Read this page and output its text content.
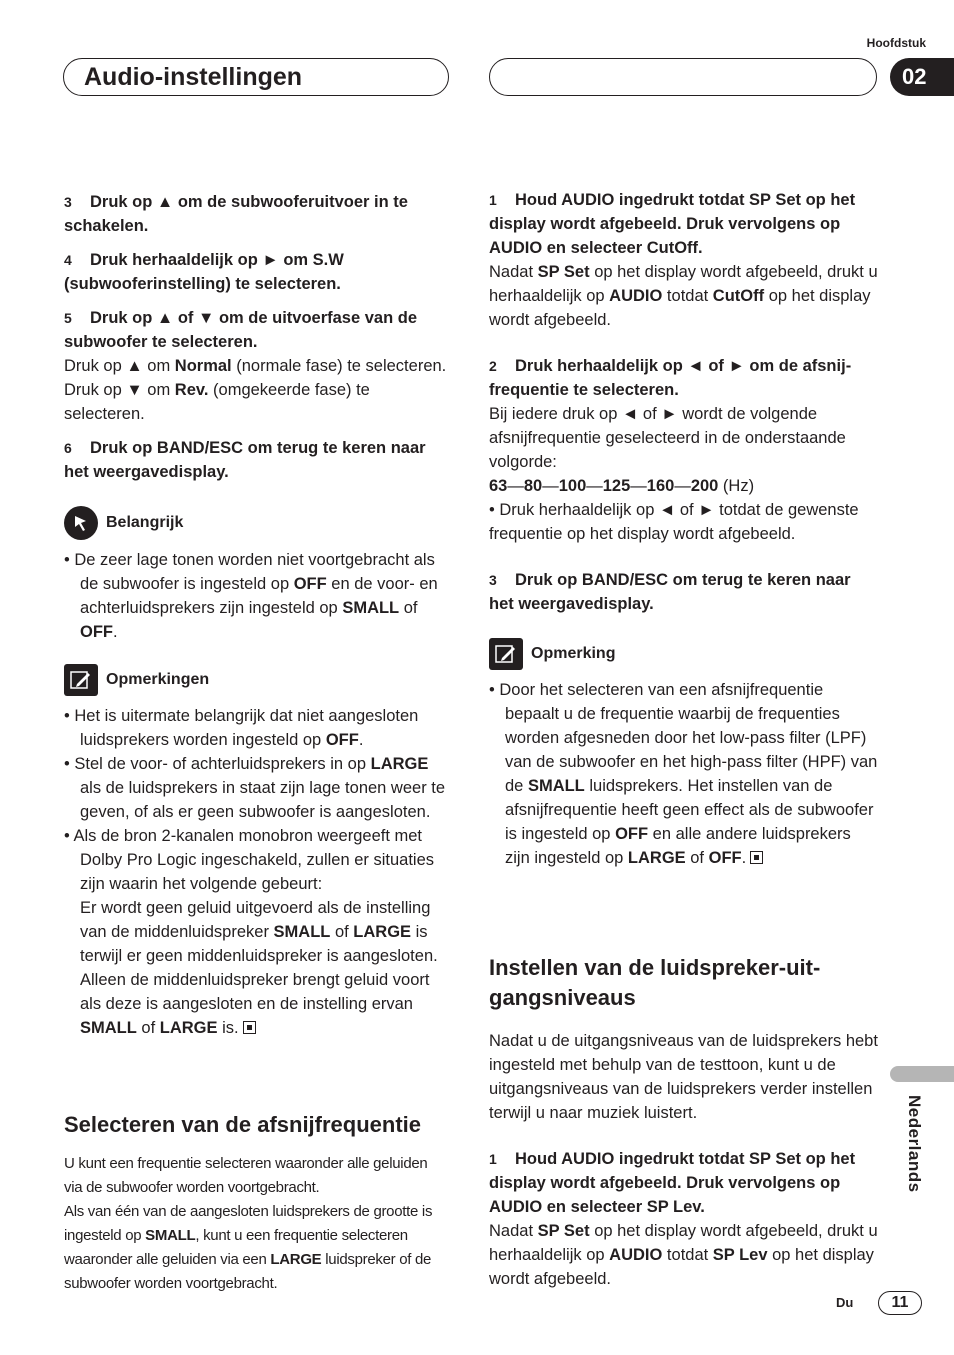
Hoofdstuk
Audio-instellingen	02
Nederlands

3 Druk op ▲ om de subwooferuitvoer in te schakelen.

4 Druk herhaaldelijk op ► om S.W (subwooferinstelling) te selecteren.

5 Druk op ▲ of ▼ om de uitvoerfase van de subwoofer te selecteren.

Druk op ▲ om Normal (normale fase) te selecteren. Druk op ▼ om Rev. (omgekeerde fase) te selecteren.

6 Druk op BAND/ESC om terug te keren naar het weergavedisplay.

Belangrijk

• De zeer lage tonen worden niet voortgebracht als de subwoofer is ingesteld op OFF en de voor- en achterluidsprekers zijn ingesteld op SMALL of OFF.

Opmerkingen

• Het is uitermate belangrijk dat niet aangesloten luidsprekers worden ingesteld op OFF.

• Stel de voor- of achterluidsprekers in op LARGE als de luidsprekers in staat zijn lage tonen weer te geven, of als er geen subwoofer is aangesloten.

• Als de bron 2-kanalen monobron weergeeft met Dolby Pro Logic ingeschakeld, zullen er situaties zijn waarin het volgende gebeurt:

Er wordt geen geluid uitgevoerd als de instelling van de middenluidspreker SMALL of LARGE is terwijl er geen middenluidspreker is aangesloten.

Alleen de middenluidspreker brengt geluid voort als deze is aangesloten en de instelling ervan SMALL of LARGE is.

Selecteren van de afsnijfrequentie

U kunt een frequentie selecteren waaronder alle geluiden via de subwoofer worden voortgebracht.

Als van één van de aangesloten luidsprekers de grootte is ingesteld op SMALL, kunt u een frequentie selecteren waaronder alle geluiden via een LARGE luidspreker of de subwoofer worden voortgebracht.

1 Houd AUDIO ingedrukt totdat SP Set op het display wordt afgebeeld. Druk vervolgens op AUDIO en selecteer CutOff.

Nadat SP Set op het display wordt afgebeeld, drukt u herhaaldelijk op AUDIO totdat CutOff op het display wordt afgebeeld.

2 Druk herhaaldelijk op ◄ of ► om de afsnijfrequentie te selecteren.

Bij iedere druk op ◄ of ► wordt de volgende afsnijfrequentie geselecteerd in de onderstaande volgorde:

63—80—100—125—160—200 (Hz)

• Druk herhaaldelijk op ◄ of ► totdat de gewenste frequentie op het display wordt afgebeeld.

3 Druk op BAND/ESC om terug te keren naar het weergavedisplay.

Opmerking

• Door het selecteren van een afsnijfrequentie bepaalt u de frequentie waarbij de frequenties worden afgesneden door het low-pass filter (LPF) van de subwoofer en het high-pass filter (HPF) van de SMALL luidsprekers. Het instellen van de afsnijfrequentie heeft geen effect als de subwoofer is ingesteld op OFF en alle andere luidsprekers zijn ingesteld op LARGE of OFF.

Instellen van de luidspreker-uitgangsniveaus

Nadat u de uitgangsniveaus van de luidsprekers hebt ingesteld met behulp van de testtoon, kunt u de uitgangsniveaus van de luidsprekers verder instellen terwijl u naar muziek luistert.

1 Houd AUDIO ingedrukt totdat SP Set op het display wordt afgebeeld. Druk vervolgens op AUDIO en selecteer SP Lev.

Nadat SP Set op het display wordt afgebeeld, drukt u herhaaldelijk op AUDIO totdat SP Lev op het display wordt afgebeeld.

Du	11
